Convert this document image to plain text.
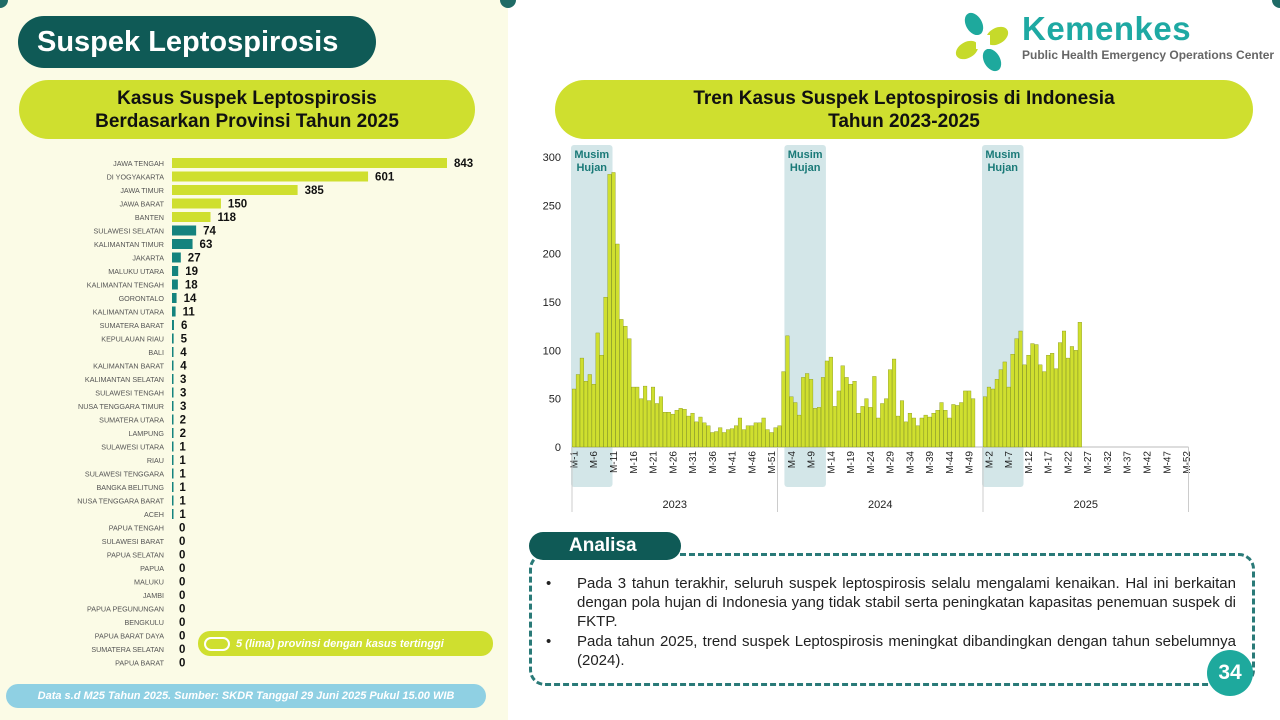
Suspek Leptospirosis
Kasus Suspek Leptospirosis
Berdasarkan Provinsi Tahun 2025
Tren Kasus Suspek Leptospirosis di Indonesia
Tahun 2023-2025
JAWA TENGAH	843
DI YOGYAKARTA	601
JAWA TIMUR	385
JAWA BARAT	150
BANTEN	118
SULAWESI SELATAN	74
KALIMANTAN TIMUR	63
JAKARTA 27
MALUKU UTARA 19
KALIMANTAN TENGAH 18
GORONTALO 14
KALIMANTAN UTARA 11
SUMATERA BARAT 6
KEPULAUAN RIAU 5
BALI 4
KALIMANTAN BARAT 4
KALIMANTAN SELATAN 3
SULAWESI TENGAH 3
NUSA TENGGARA TIMUR 3
SUMATERA UTARA 2
LAMPUNG 2
SULAWESI UTARA 1
RIAU 1
SULAWESI TENGGARA 1
BANGKA BELITUNG 1
NUSA TENGGARA BARAT 1
ACEH 1
PAPUA TENGAH 0
SULAWESI BARAT 0
PAPUA SELATAN 0
PAPUA 0
MALUKU 0
JAMBI 0
PAPUA PEGUNUNGAN 0
BENGKULU 0
PAPUA BARAT DAYA 0
SUMATERA SELATAN 0
PAPUA BARAT 0
5 (lima) provinsi dengan kasus tertinggi
Data s.d M25 Tahun 2025. Sumber: SKDR Tanggal 29 Juni 2025 Pukul 15.00 WIB
Kemenkes
Public Health Emergency Operations Center
Musim
Hujan
Musim
Hujan
Musim
Hujan
0
50
100
150
200
250
300
M-1 M-6 M-11 M-16 M-21 M-26 M-31 M-36 M-41 M-46 M-51 M-4 M-9 M-14 M-19 M-24 M-29 M-34 M-39 M-44 M-49 M-2 M-7 M-12 M-17 M-22 M-27 M-32 M-37 M-42 M-47 M-52
2023	2024	2025
• Pada 3 tahun terakhir, seluruh suspek leptospirosis selalu mengalami kenaikan. Hal ini berkaitan dengan pola hujan di Indonesia yang tidak stabil serta peningkatan kapasitas penemuan suspek di FKTP.
• Pada tahun 2025, trend suspek Leptospirosis meningkat dibandingkan dengan tahun sebelumnya (2024).
Analisa
34
